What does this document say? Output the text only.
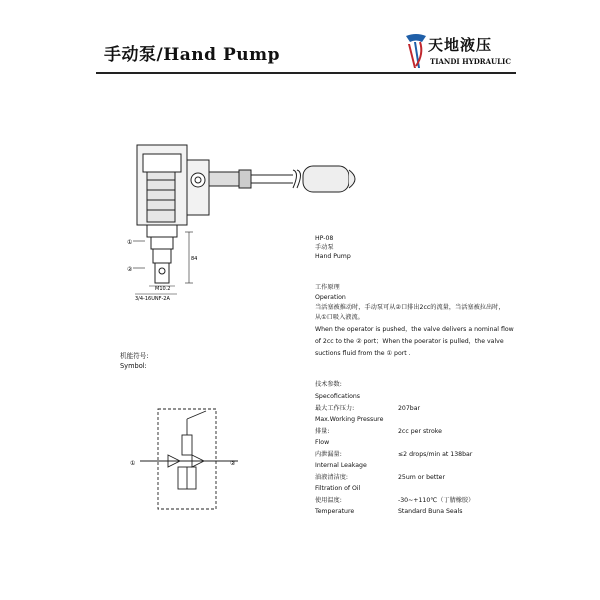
手动泵/Hand Pump	天地液压
TIANDI HYDRAULIC
①
②
84
M10.2
3/4-16UNF-2A
HP-08
手动泵
Hand Pump
工作原理
Operation
当活塞被推动时，手动泵可从②口排出2cc的流量，当活塞被拉出时，
从①口吸入液流。
When the operator is pushed，the valve delivers a nominal flow
of 2cc to the ② port；When the poerator is pulled，the valve
suctions fluid from the ① port .
机能符号:
Symbol:
①	②
技术参数:
Specofications
最大工作压力:	207bar
Max.Working Pressure
排量:	2cc per stroke
Flow
内泄漏量:	≤2 drops/min at 138bar
Internal Leakage
油液清洁度:	25um or better
Filtration of Oil
使用温度:	-30~+110℃（丁腈橡胶）
Temperature	Standard Buna Seals
